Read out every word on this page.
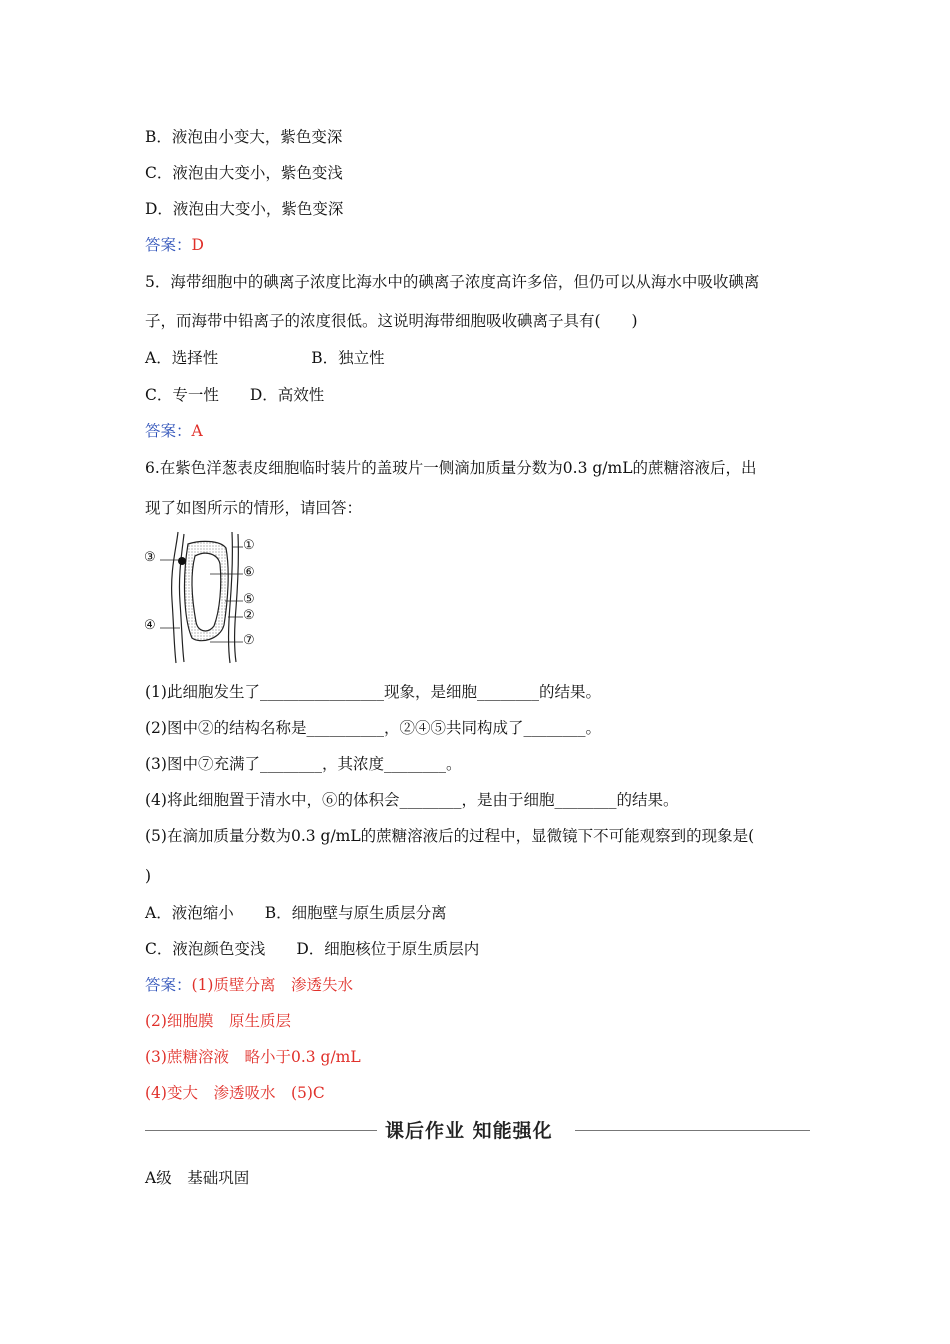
B．液泡由小变大，紫色变深
C．液泡由大变小，紫色变浅
D．液泡由大变小，紫色变深
答案：D
5．海带细胞中的碘离子浓度比海水中的碘离子浓度高许多倍，但仍可以从海水中吸收碘离
子，而海带中铅离子的浓度很低。这说明海带细胞吸收碘离子具有(　　)
A．选择性　　　　　　B．独立性
C．专一性　　D．高效性
答案：A
6.在紫色洋葱表皮细胞临时装片的盖玻片一侧滴加质量分数为0.3 g/mL的蔗糖溶液后，出
现了如图所示的情形，请回答：
③
④
①
⑥
⑤
②
⑦
(1)此细胞发生了________________现象，是细胞________的结果。
(2)图中②的结构名称是__________，②④⑤共同构成了________。
(3)图中⑦充满了________，其浓度________。
(4)将此细胞置于清水中，⑥的体积会________，是由于细胞________的结果。
(5)在滴加质量分数为0.3 g/mL的蔗糖溶液后的过程中，显微镜下不可能观察到的现象是(
)
A．液泡缩小　　B．细胞壁与原生质层分离
C．液泡颜色变浅　　D．细胞核位于原生质层内
答案：(1)质壁分离　渗透失水
(2)细胞膜　原生质层
(3)蔗糖溶液　略小于0.3 g/mL
(4)变大　渗透吸水　(5)C
课后作业 知能强化
A级　基础巩固
